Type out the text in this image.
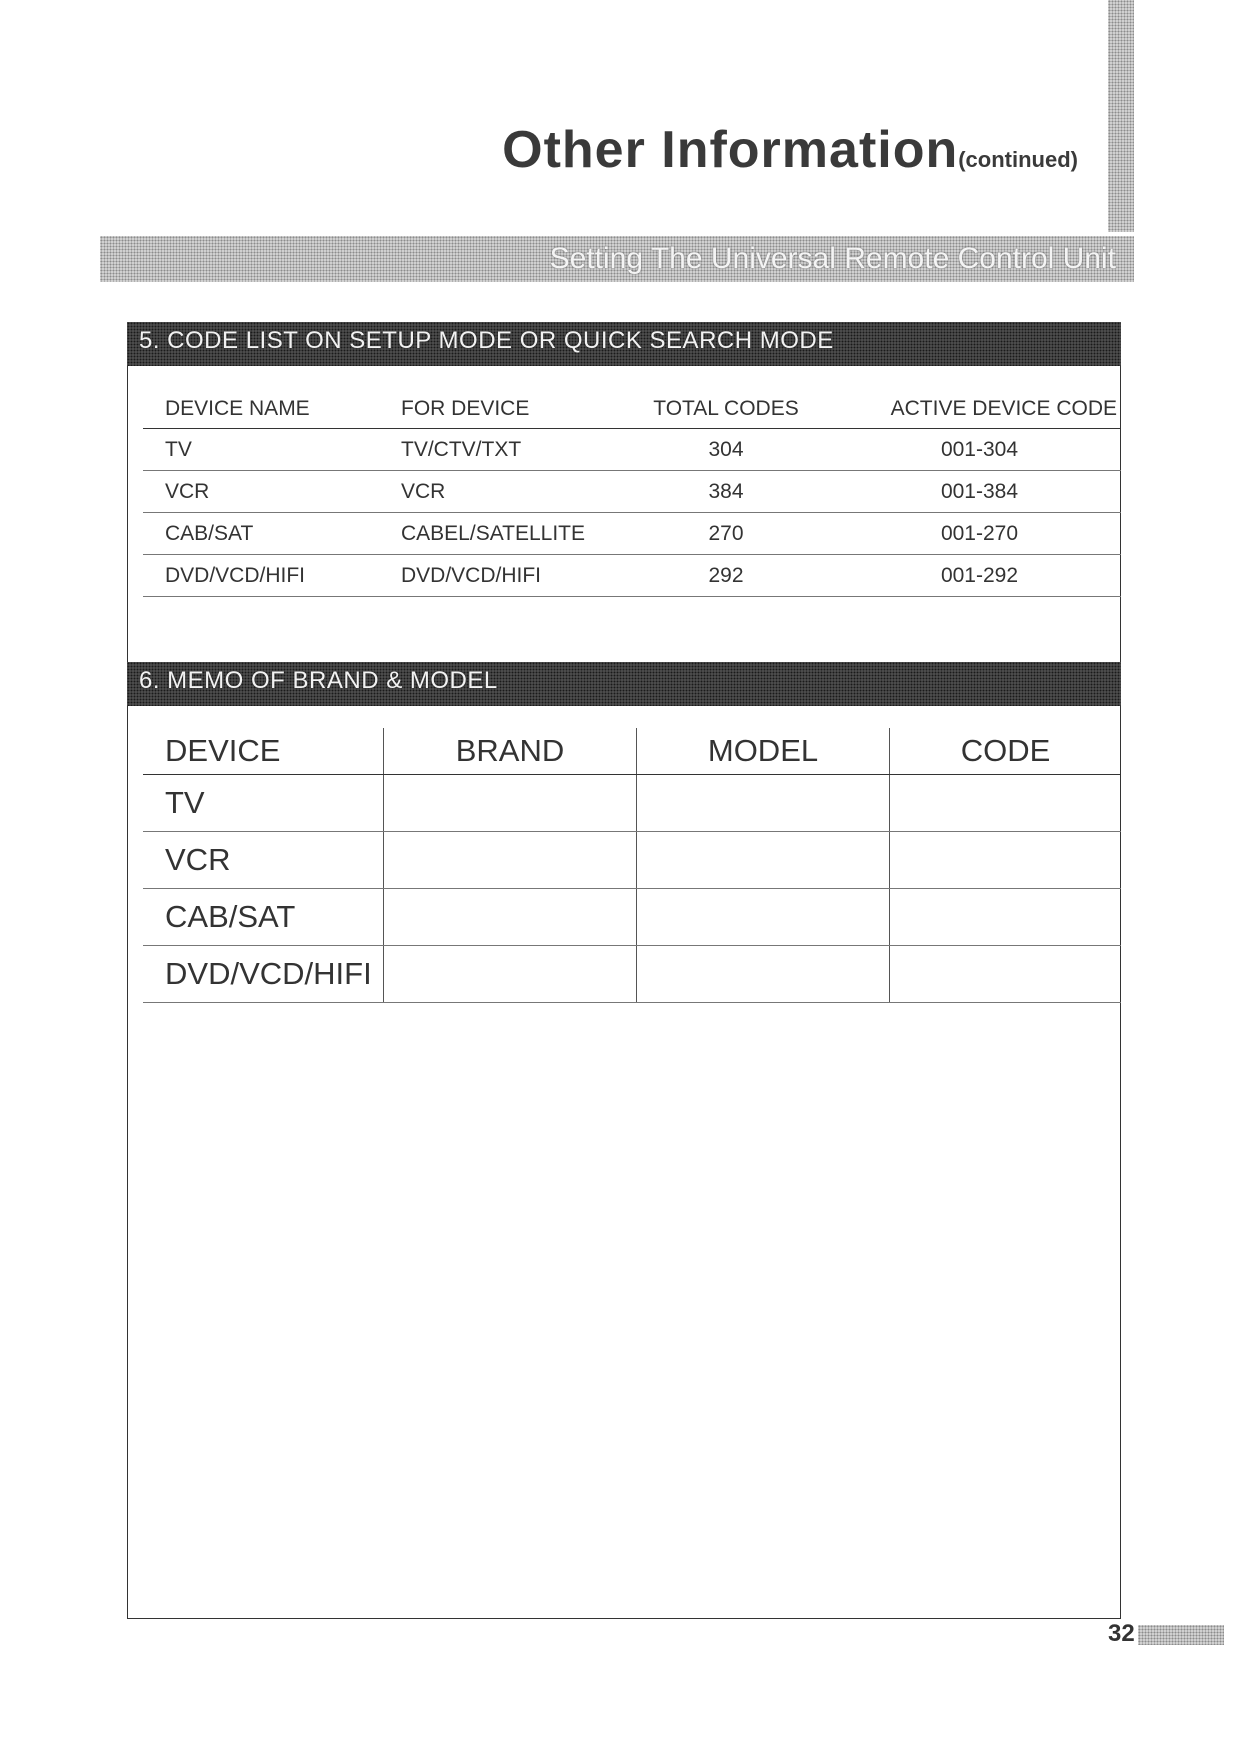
Other Information(continued)
Setting The Universal Remote Control Unit
5. CODE LIST ON SETUP MODE OR QUICK SEARCH MODE
DEVICE NAME	FOR DEVICE	TOTAL CODES	ACTIVE DEVICE CODE
TV	TV/CTV/TXT	304	001-304
VCR	VCR	384	001-384
CAB/SAT	CABEL/SATELLITE	270	001-270
DVD/VCD/HIFI	DVD/VCD/HIFI	292	001-292
6. MEMO OF BRAND & MODEL
DEVICE	BRAND	MODEL	CODE
TV			
VCR			
CAB/SAT			
DVD/VCD/HIFI			
32
